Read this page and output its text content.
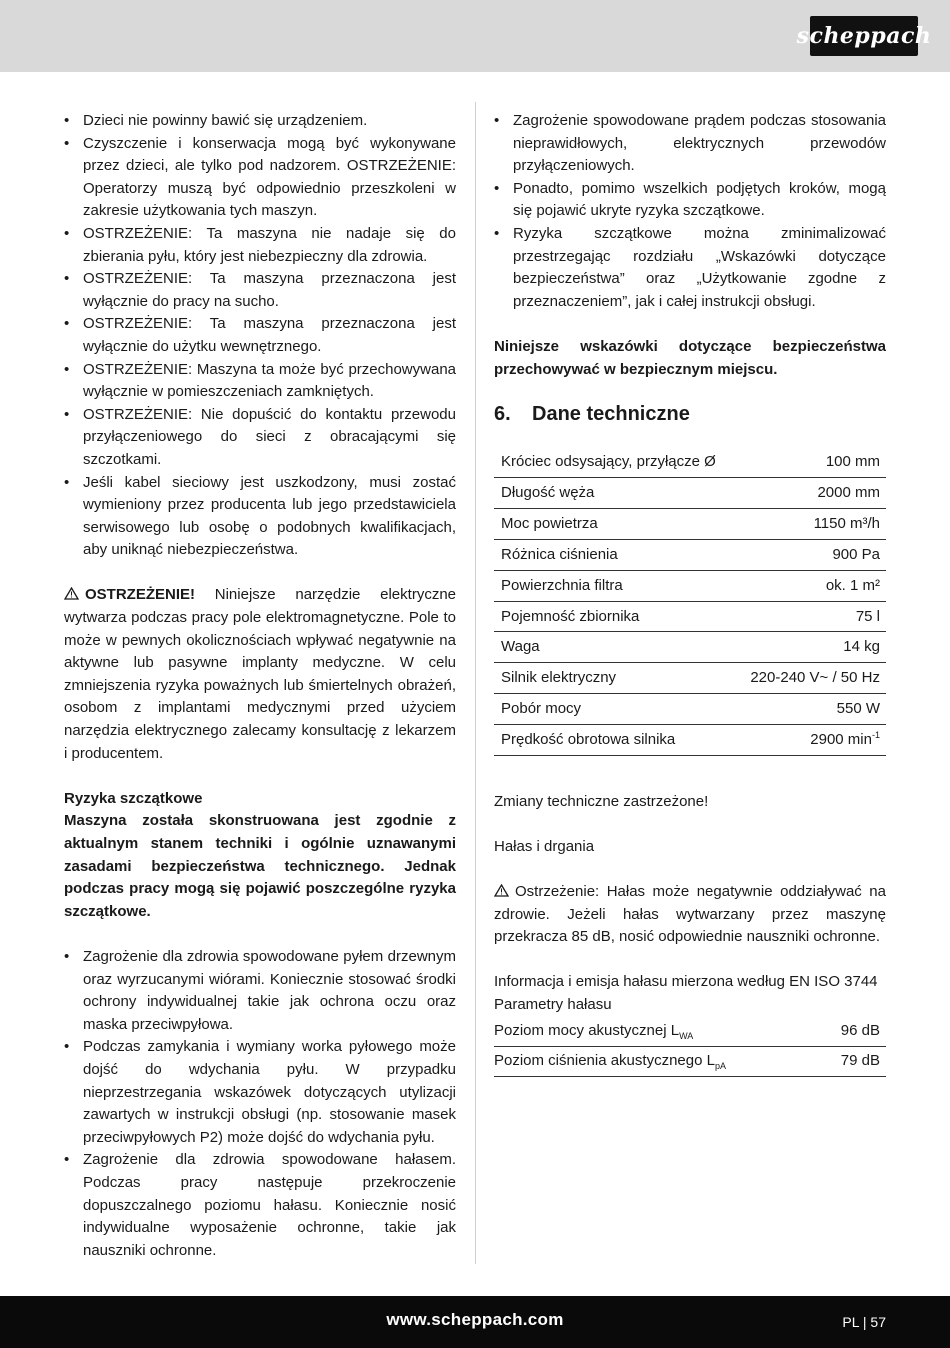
scheppach
• Dzieci nie powinny bawić się urządzeniem.
• Czyszczenie i konserwacja mogą być wykonywane przez dzieci, ale tylko pod nadzorem. OSTRZEŻENIE: Operatorzy muszą być odpowiednio przeszkoleni w zakresie użytkowania tych maszyn.
• OSTRZEŻENIE: Ta maszyna nie nadaje się do zbierania pyłu, który jest niebezpieczny dla zdrowia.
• OSTRZEŻENIE: Ta maszyna przeznaczona jest wyłącznie do pracy na sucho.
• OSTRZEŻENIE: Ta maszyna przeznaczona jest wyłącznie do użytku wewnętrznego.
• OSTRZEŻENIE: Maszyna ta może być przechowywana wyłącznie w pomieszczeniach zamkniętych.
• OSTRZEŻENIE: Nie dopuścić do kontaktu przewodu przyłączeniowego do sieci z obracającymi się szczotkami.
• Jeśli kabel sieciowy jest uszkodzony, musi zostać wymieniony przez producenta lub jego przedstawiciela serwisowego lub osobę o podobnych kwalifikacjach, aby uniknąć niebezpieczeństwa.

OSTRZEŻENIE! Niniejsze narzędzie elektryczne wytwarza podczas pracy pole elektromagnetyczne. Pole to może w pewnych okolicznościach wpływać negatywnie na aktywne lub pasywne implanty medyczne. W celu zmniejszenia ryzyka poważnych lub śmiertelnych obrażeń, osobom z implantami medycznymi przed użyciem narzędzia elektrycznego zalecamy konsultację z lekarzem i producentem.

Ryzyka szczątkowe

Maszyna została skonstruowana jest zgodnie z aktualnym stanem techniki i ogólnie uznawanymi zasadami bezpieczeństwa technicznego. Jednak podczas pracy mogą się pojawić poszczególne ryzyka szczątkowe.

• Zagrożenie dla zdrowia spowodowane pyłem drzewnym oraz wyrzucanymi wiórami. Koniecznie stosować środki ochrony indywidualnej takie jak ochrona oczu oraz maska przeciwpyłowa.
• Podczas zamykania i wymiany worka pyłowego może dojść do wdychania pyłu. W przypadku nieprzestrzegania wskazówek dotyczących utylizacji zawartych w instrukcji obsługi (np. stosowanie masek przeciwpyłowych P2) może dojść do wdychania pyłu.
• Zagrożenie dla zdrowia spowodowane hałasem. Podczas pracy następuje przekroczenie dopuszczalnego poziomu hałasu. Koniecznie nosić indywidualne wyposażenie ochronne, takie jak nauszniki ochronne.
• Zagrożenie spowodowane prądem podczas stosowania nieprawidłowych, elektrycznych przewodów przyłączeniowych.
• Ponadto, pomimo wszelkich podjętych kroków, mogą się pojawić ukryte ryzyka szczątkowe.
• Ryzyka szczątkowe można zminimalizować przestrzegając rozdziału „Wskazówki dotyczące bezpieczeństwa” oraz „Użytkowanie zgodne z przeznaczeniem”, jak i całej instrukcji obsługi.

Niniejsze wskazówki dotyczące bezpieczeństwa przechowywać w bezpiecznym miejscu.

6. Dane techniczne
Króciec odsysający, przyłącze Ø	100 mm
Długość węża	2000 mm
Moc powietrza	1150 m³/h
Różnica ciśnienia	900 Pa
Powierzchnia filtra	ok. 1 m²
Pojemność zbiornika	75 l
Waga	14 kg
Silnik elektryczny	220-240 V~ / 50 Hz
Pobór mocy	550 W
Prędkość obrotowa silnika	2900 $\min^{-1}$

Zmiany techniczne zastrzeżone!

Hałas i drgania

Ostrzeżenie: Hałas może negatywnie oddziaływać na zdrowie. Jeżeli hałas wytwarzany przez maszynę przekracza 85 dB, nosić odpowiednie nauszniki ochronne.

Informacja i emisja hałasu mierzona według EN ISO 3744

Parametry hałasu

Poziom mocy akustycznej $L_{WA}$	96 dB
Poziom ciśnienia akustycznego $L_{pA}$	79 dB
www.scheppach.com	PL | 57
